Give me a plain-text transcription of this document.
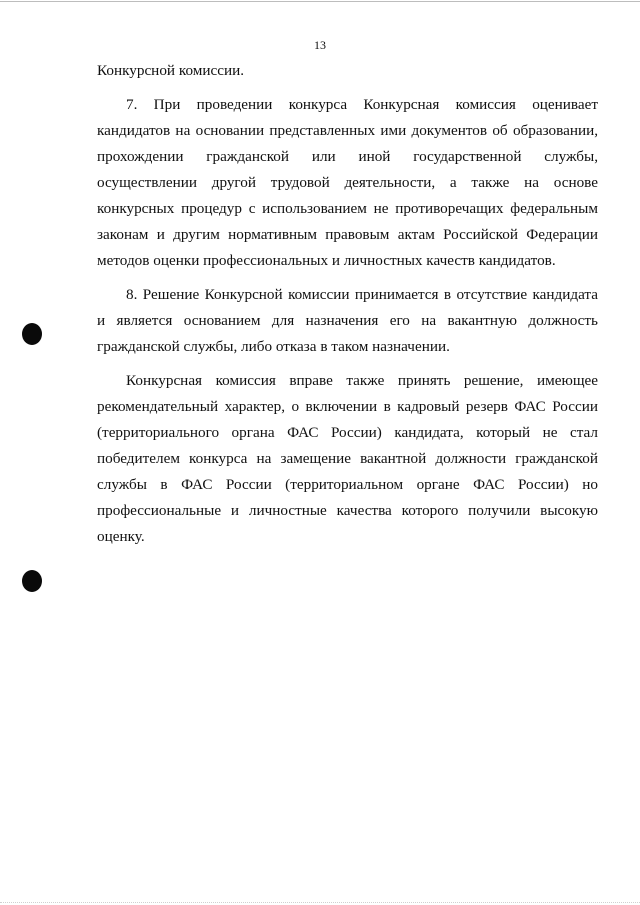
13

Конкурсной комиссии.

7. При проведении конкурса Конкурсная комиссия оценивает кандидатов на основании представленных ими документов об образовании, прохождении гражданской или иной государственной службы, осуществлении другой трудовой деятельности, а также на основе конкурсных процедур с использованием не противоречащих федеральным законам и другим нормативным правовым актам Российской Федерации методов оценки профессиональных и личностных качеств кандидатов.

8. Решение Конкурсной комиссии принимается в отсутствие кандидата и является основанием для назначения его на вакантную должность гражданской службы, либо отказа в таком назначении.

Конкурсная комиссия вправе также принять решение, имеющее рекомендательный характер, о включении в кадровый резерв ФАС России (территориального органа ФАС России) кандидата, который не стал победителем конкурса на замещение вакантной должности гражданской службы в ФАС России (территориальном органе ФАС России) но профессиональные и личностные качества которого получили высокую оценку.
